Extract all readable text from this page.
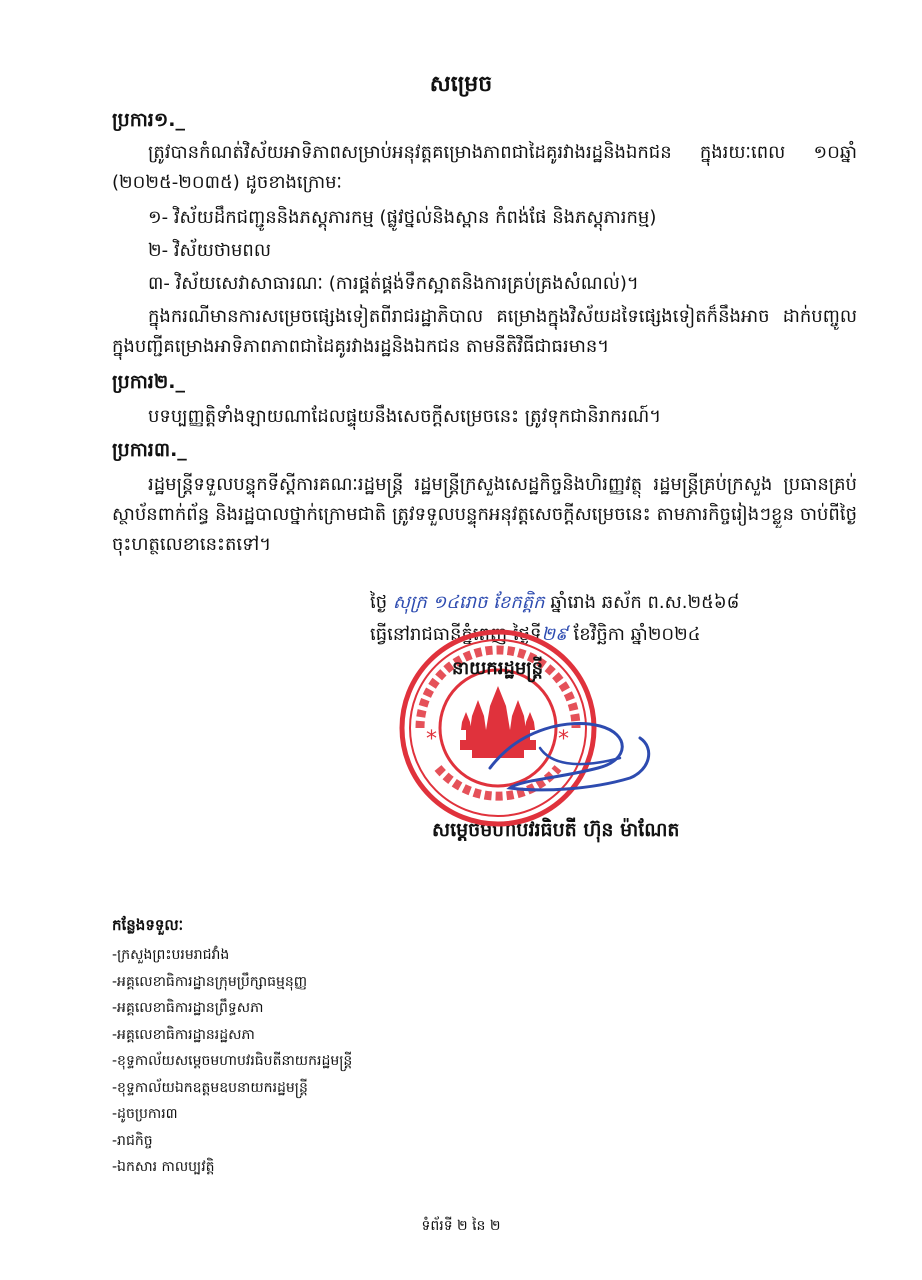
សម្រេច
ប្រការ១._
ត្រូវបានកំណត់វិស័យអាទិភាពសម្រាប់អនុវត្តគម្រោងភាពជាដៃគូរវាងរដ្ឋនិងឯកជន ក្នុងរយៈពេល ១០ឆ្នាំ (២០២៥-២០៣៥) ដូចខាងក្រោមៈ
១- វិស័យដឹកជញ្ជូននិងភស្តុភារកម្ម (ផ្លូវថ្នល់និងស្ពាន កំពង់ផែ និងភស្តុភារកម្ម)
២- វិស័យថាមពល
៣- វិស័យសេវាសាធារណៈ (ការផ្គត់ផ្គង់ទឹកស្អាតនិងការគ្រប់គ្រងសំណល់)។
ក្នុងករណីមានការសម្រេចផ្សេងទៀតពីរាជរដ្ឋាភិបាល គម្រោងក្នុងវិស័យដទៃផ្សេងទៀតក៏នឹងអាច ដាក់បញ្ចូលក្នុងបញ្ជីគម្រោងអាទិភាពភាពជាដៃគូរវាងរដ្ឋនិងឯកជន តាមនីតិវិធីជាធរមាន។
ប្រការ២._
បទប្បញ្ញត្តិទាំងឡាយណាដែលផ្ទុយនឹងសេចក្តីសម្រេចនេះ ត្រូវទុកជានិរាករណ៍។
ប្រការ៣._
រដ្ឋមន្ត្រីទទួលបន្ទុកទីស្តីការគណៈរដ្ឋមន្ត្រី រដ្ឋមន្ត្រីក្រសួងសេដ្ឋកិច្ចនិងហិរញ្ញវត្ថុ រដ្ឋមន្ត្រីគ្រប់ក្រសួង ប្រធានគ្រប់ស្ថាប័នពាក់ព័ន្ធ និងរដ្ឋបាលថ្នាក់ក្រោមជាតិ ត្រូវទទួលបន្ទុកអនុវត្តសេចក្តីសម្រេចនេះ តាមភារកិច្ចរៀងៗខ្លួន ចាប់ពីថ្ងៃចុះហត្ថលេខានេះតទៅ។
ថ្ងៃ សុក្រ ១៤រោច ខែកត្តិក ឆ្នាំរោង ឆស័ក ព.ស.២៥៦៨
ធ្វើនៅរាជធានីភ្នំពេញ ថ្ងៃទី២៩ ខែវិច្ឆិកា ឆ្នាំ២០២៤
*	*
នាយករដ្ឋមន្ត្រី
សម្តេចមហាបវរធិបតី ហ៊ុន ម៉ាណែត
កន្លែងទទួលៈ
-ក្រសួងព្រះបរមរាជវាំង
-អគ្គលេខាធិការដ្ឋានក្រុមប្រឹក្សាធម្មនុញ្ញ
-អគ្គលេខាធិការដ្ឋានព្រឹទ្ធសភា
-អគ្គលេខាធិការដ្ឋានរដ្ឋសភា
-ខុទ្ទកាល័យសម្តេចមហាបវរធិបតីនាយករដ្ឋមន្ត្រី
-ខុទ្ទកាល័យឯកឧត្តមឧបនាយករដ្ឋមន្ត្រី
-ដូចប្រការ៣
-រាជកិច្ច
-ឯកសារ កាលប្បវត្តិ
ទំព័រទី ២ នៃ ២
